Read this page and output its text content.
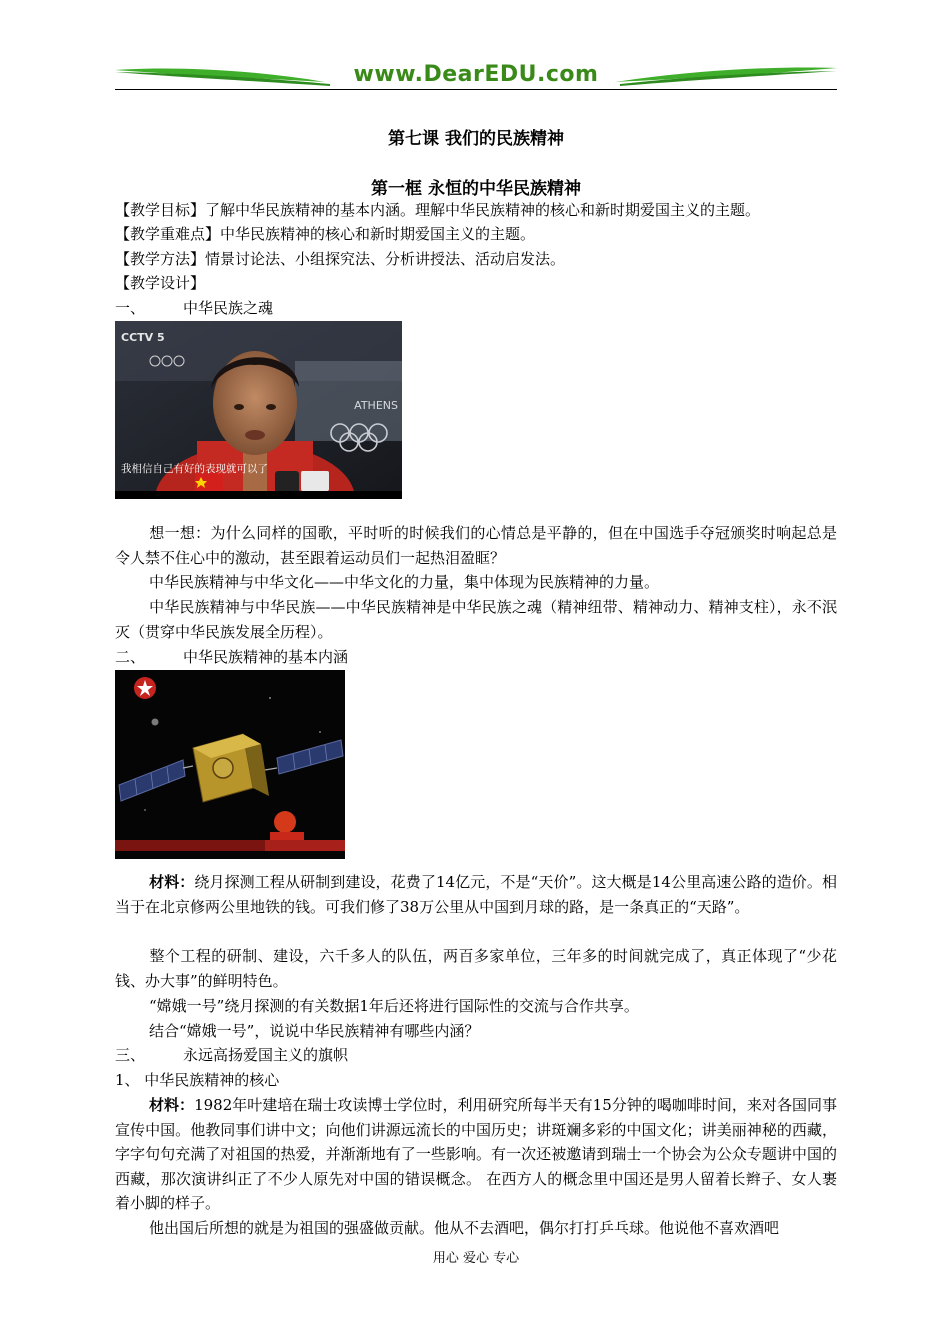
www.DearEDU.com
第七课 我们的民族精神
第一框 永恒的中华民族精神
【教学目标】了解中华民族精神的基本内涵。理解中华民族精神的核心和新时期爱国主义的主题。
【教学重难点】中华民族精神的核心和新时期爱国主义的主题。
【教学方法】情景讨论法、小组探究法、分析讲授法、活动启发法。
【教学设计】
一、	中华民族之魂
CCTV 5
ATHENS
我相信自己有好的表现就可以了
想一想：为什么同样的国歌，平时听的时候我们的心情总是平静的，但在中国选手夺冠颁奖时响起总是令人禁不住心中的激动，甚至跟着运动员们一起热泪盈眶？
中华民族精神与中华文化——中华文化的力量，集中体现为民族精神的力量。
中华民族精神与中华民族——中华民族精神是中华民族之魂（精神纽带、精神动力、精神支柱），永不泯灭（贯穿中华民族发展全历程）。
二、	中华民族精神的基本内涵
材料：绕月探测工程从研制到建设，花费了14亿元，不是“天价”。这大概是14公里高速公路的造价。相当于在北京修两公里地铁的钱。可我们修了38万公里从中国到月球的路，是一条真正的“天路”。
整个工程的研制、建设，六千多人的队伍，两百多家单位，三年多的时间就完成了，真正体现了“少花钱、办大事”的鲜明特色。
“嫦娥一号”绕月探测的有关数据1年后还将进行国际性的交流与合作共享。
结合“嫦娥一号”，说说中华民族精神有哪些内涵？
三、	永远高扬爱国主义的旗帜
1、 中华民族精神的核心
材料：1982年叶建培在瑞士攻读博士学位时，利用研究所每半天有15分钟的喝咖啡时间，来对各国同事宣传中国。他教同事们讲中文；向他们讲源远流长的中国历史；讲斑斓多彩的中国文化；讲美丽神秘的西藏，字字句句充满了对祖国的热爱，并渐渐地有了一些影响。有一次还被邀请到瑞士一个协会为公众专题讲中国的西藏，那次演讲纠正了不少人原先对中国的错误概念。 在西方人的概念里中国还是男人留着长辫子、女人裹着小脚的样子。
他出国后所想的就是为祖国的强盛做贡献。他从不去酒吧，偶尔打打乒乓球。他说他不喜欢酒吧
用心 爱心 专心
